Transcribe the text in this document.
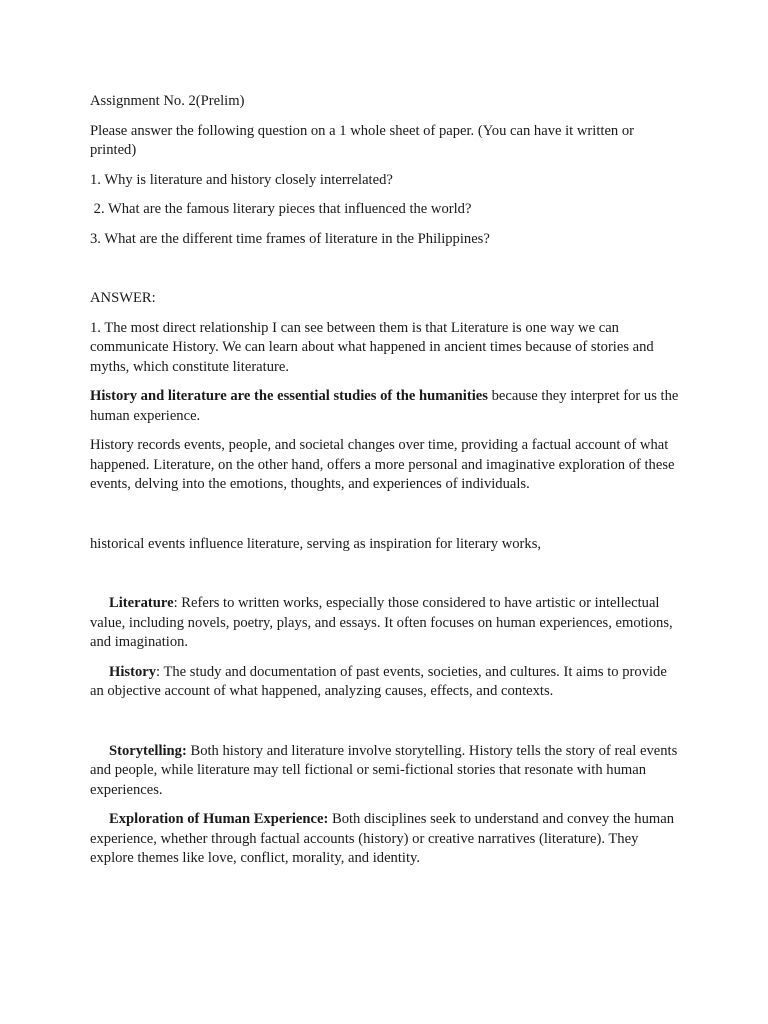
Assignment No. 2(Prelim)

Please answer the following question on a 1 whole sheet of paper. (You can have it written or printed)

1. Why is literature and history closely interrelated?

2. What are the famous literary pieces that influenced the world?

3. What are the different time frames of literature in the Philippines?

ANSWER:

1. The most direct relationship I can see between them is that Literature is one way we can communicate History. We can learn about what happened in ancient times because of stories and myths, which constitute literature.

History and literature are the essential studies of the humanities because they interpret for us the human experience.

History records events, people, and societal changes over time, providing a factual account of what happened. Literature, on the other hand, offers a more personal and imaginative exploration of these events, delving into the emotions, thoughts, and experiences of individuals.

historical events influence literature, serving as inspiration for literary works,

Literature: Refers to written works, especially those considered to have artistic or intellectual value, including novels, poetry, plays, and essays. It often focuses on human experiences, emotions, and imagination.

History: The study and documentation of past events, societies, and cultures. It aims to provide an objective account of what happened, analyzing causes, effects, and contexts.

Storytelling: Both history and literature involve storytelling. History tells the story of real events and people, while literature may tell fictional or semi-fictional stories that resonate with human experiences.

Exploration of Human Experience: Both disciplines seek to understand and convey the human experience, whether through factual accounts (history) or creative narratives (literature). They explore themes like love, conflict, morality, and identity.
